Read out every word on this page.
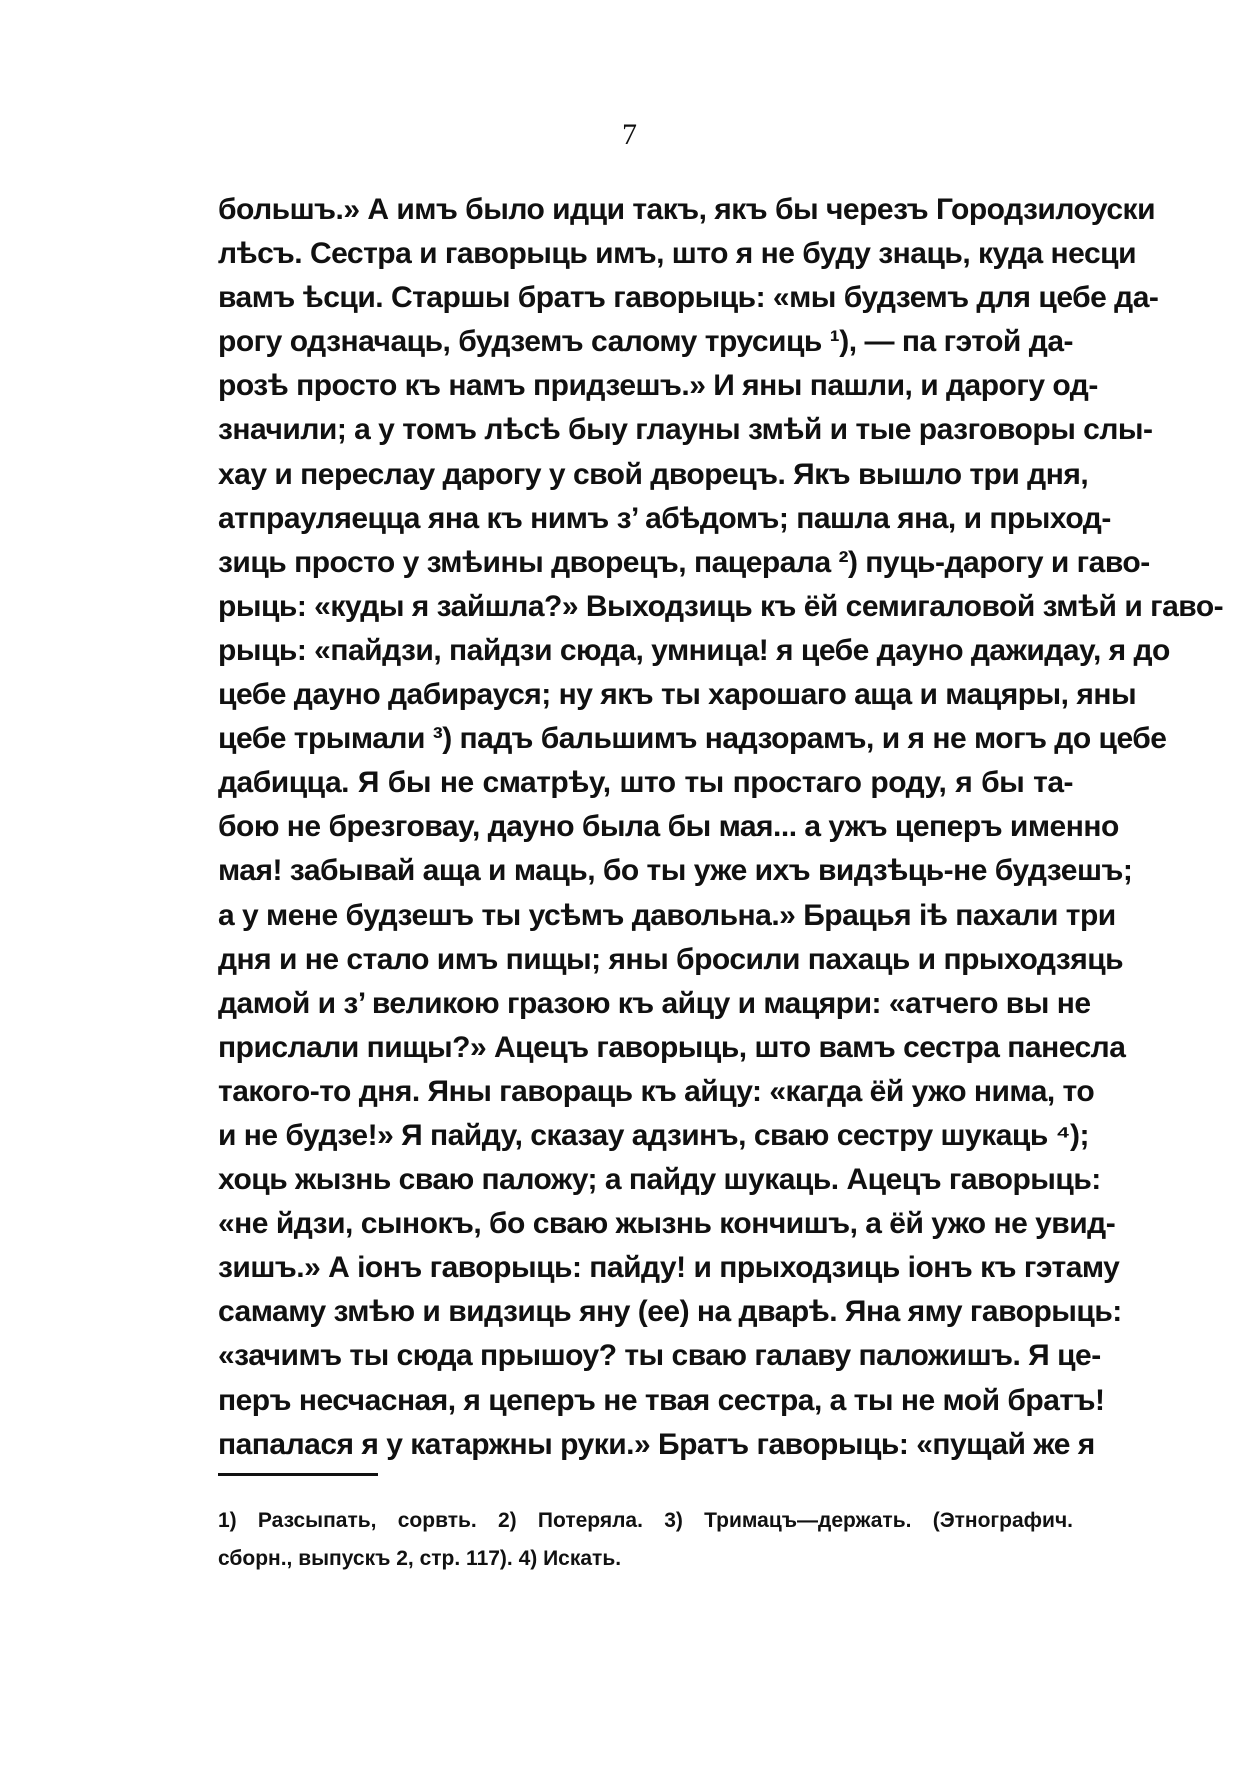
7
большъ.» А имъ было идци такъ, якъ бы черезъ Городзилоуски
лѣсъ. Сестра и гаворыць имъ, што я не буду знаць, куда несци
вамъ ѣсци. Старшы братъ гаворыць: «мы будземъ для цебе да-
рогу одзначаць, будземъ салому трусиць ¹), — па гэтой да-
розѣ просто къ намъ придзешъ.» И яны пашли, и дарогу од-
значили; а у томъ лѣсѣ быу глауны змѣй и тые разговоры слы-
хау и переслау дарогу у свой дворецъ. Якъ вышло три дня,
атпрауляецца яна къ нимъ з’ абѣдомъ; пашла яна, и прыход-
зиць просто у змѣины дворецъ, пацерала ²) пуць-дарогу и гаво-
рыць: «куды я зайшла?» Выходзиць къ ёй семигаловой змѣй и гаво-
рыць: «пайдзи, пайдзи сюда, умница! я цебе дауно дажидау, я до
цебе дауно дабирауся; ну якъ ты харошаго аща и мацяры, яны
цебе трымали ³) падъ бальшимъ надзорамъ, и я не могъ до цебе
дабицца. Я бы не сматрѣу, што ты простаго роду, я бы та-
бою не брезговау, дауно была бы мая... а ужъ цеперъ именно
мая! забывай аща и маць, бо ты уже ихъ видзѣць-не будзешъ;
а у мене будзешъ ты усѣмъ давольна.» Брацья іѣ пахали три
дня и не стало имъ пищы; яны бросили пахаць и прыходзяць
дамой и з’ великою гразою къ айцу и мацяри: «атчего вы не
прислали пищы?» Ацецъ гаворыць, што вамъ сестра панесла
такого-то дня. Яны гавораць къ айцу: «кагда ёй ужо нима, то
и не будзе!» Я пайду, сказау адзинъ, сваю сестру шукаць ⁴);
хоць жызнь сваю паложу; а пайду шукаць. Ацецъ гаворыць:
«не йдзи, сынокъ, бо сваю жызнь кончишъ, а ёй ужо не увид-
зишъ.» А іонъ гаворыць: пайду! и прыходзиць іонъ къ гэтаму
самаму змѣю и видзиць яну (ее) на дварѣ. Яна яму гаворыць:
«зачимъ ты сюда прышоу? ты сваю галаву паложишъ. Я це-
перъ несчасная, я цеперъ не твая сестра, а ты не мой братъ!
папалася я у катаржны руки.» Братъ гаворыць: «пущай же я
1) Разсыпать, сорвть. 2) Потеряла. 3) Тримацъ—держать. (Этнографич.
сборн., выпускъ 2, стр. 117). 4) Искать.
